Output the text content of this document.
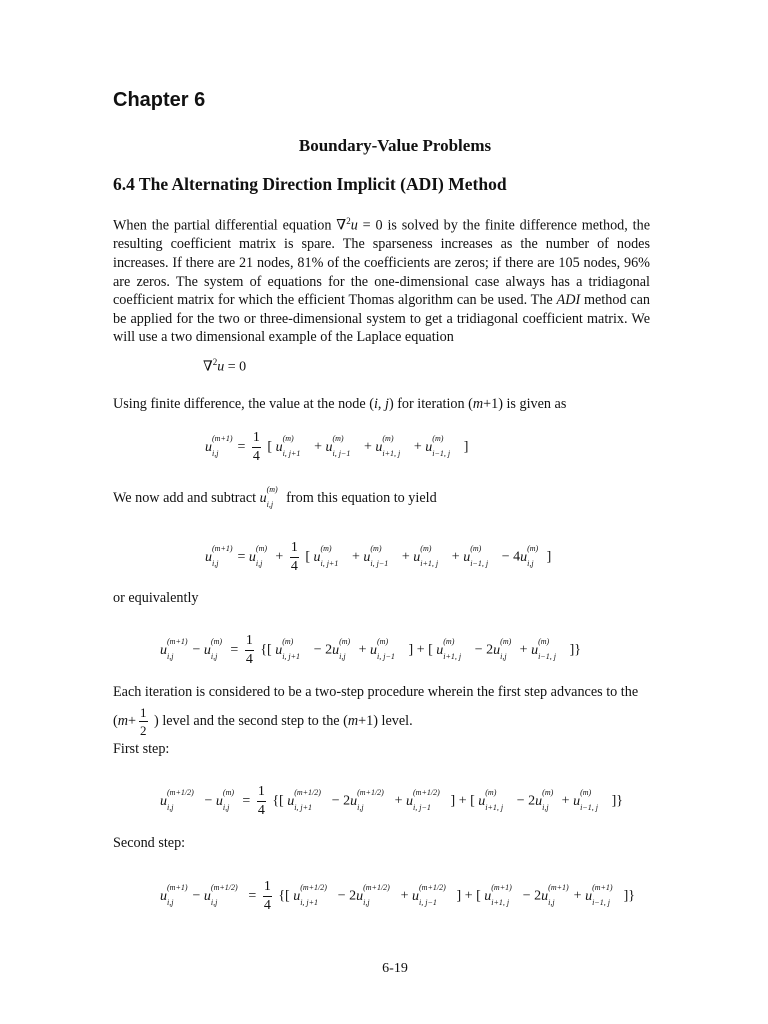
Chapter 6
Boundary-Value Problems
6.4 The Alternating Direction Implicit (ADI) Method
When the partial differential equation ∇$^2$u = 0 is solved by the finite difference method, the resulting coefficient matrix is spare. The sparseness increases as the number of nodes increases. If there are 21 nodes, 81% of the coefficients are zeros; if there are 105 nodes, 96% are zeros. The system of equations for the one-dimensional case always has a tridiagonal coefficient matrix for which the efficient Thomas algorithm can be used. The ADI method can be applied for the two or three-dimensional system to get a tridiagonal coefficient matrix. We will use a two dimensional example of the Laplace equation
∇$^2$u = 0
Using finite difference, the value at the node (i, j) for iteration (m+1) is given as
u
(m+1)
$i,j = \frac{1}{4}$ [ u
(m)
i, j+1 + u
(m)
i, j−1 + u
(m)
i+1, j + u
(m)
i−1, j ]
We now add and subtract u
(m)
i,j from this equation to yield
u
(m+1)
i,j = u
(m)
$i,j + \frac{1}{4}$ [ u
(m)
i, j+1 + u
(m)
i, j−1 + u
(m)
i+1, j + u
(m)
i−1, j − 4u
(m)
i,j ]
or equivalently
u
(m+1)
i,j − u
(m)
$i,j = \frac{1}{4}$ {[ u
(m)
i, j+1 − 2u
(m)
i,j + u
(m)
i, j−1 ] + [ u
(m)
i+1, j − 2u
(m)
i,j + u
(m)
i−1, j ]}
Each iteration is considered to be a two-step procedure wherein the first step advances to the
($m+ \frac{1}{2}$ ) level and the second step to the (m+1) level.
First step:
u
(m+1/2)
i,j − u
(m)
$i,j = \frac{1}{4}$ {[ u
(m+1/2)
i, j+1 − 2u
(m+1/2)
i,j + u
(m+1/2)
i, j−1 ] + [ u
(m)
i+1, j − 2u
(m)
i,j + u
(m)
i−1, j ]}
Second step:
u
(m+1)
i,j − u
(m+1/2)
$i,j = \frac{1}{4}$ {[ u
(m+1/2)
i, j+1 − 2u
(m+1/2)
i,j + u
(m+1/2)
i, j−1 ] + [ u
(m+1)
i+1, j − 2u
(m+1)
i,j + u
(m+1)
i−1, j ]}
6-19
